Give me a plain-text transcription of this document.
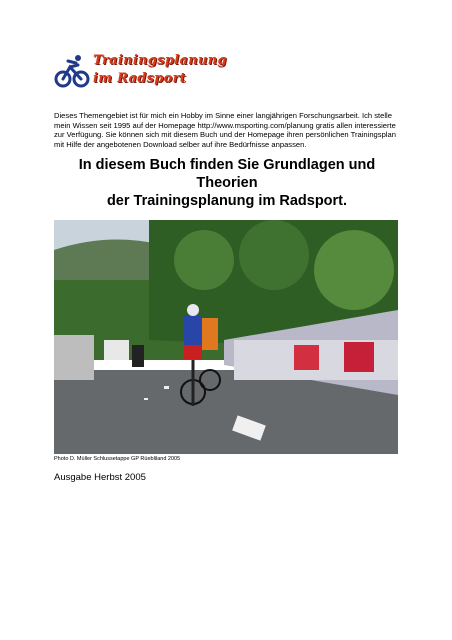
Trainingsplanung
im Radsport

Dieses Themengebiet ist für mich ein Hobby im Sinne einer langjährigen Forschungsarbeit. Ich stelle
mein Wissen seit 1995 auf der Homepage http://www.msporting.com/planung gratis allen interessierte
zur Verfügung. Sie können sich mit diesem Buch und der Homepage ihren persönlichen Trainingsplan
mit Hilfe der angebotenen Download selber auf ihre Bedürfnisse anpassen.

In diesem Buch finden Sie Grundlagen und Theorien
der Trainingsplanung im Radsport.

Photo D. Müller Schlussetappe GP Rüebliland 2005

Ausgabe Herbst 2005
